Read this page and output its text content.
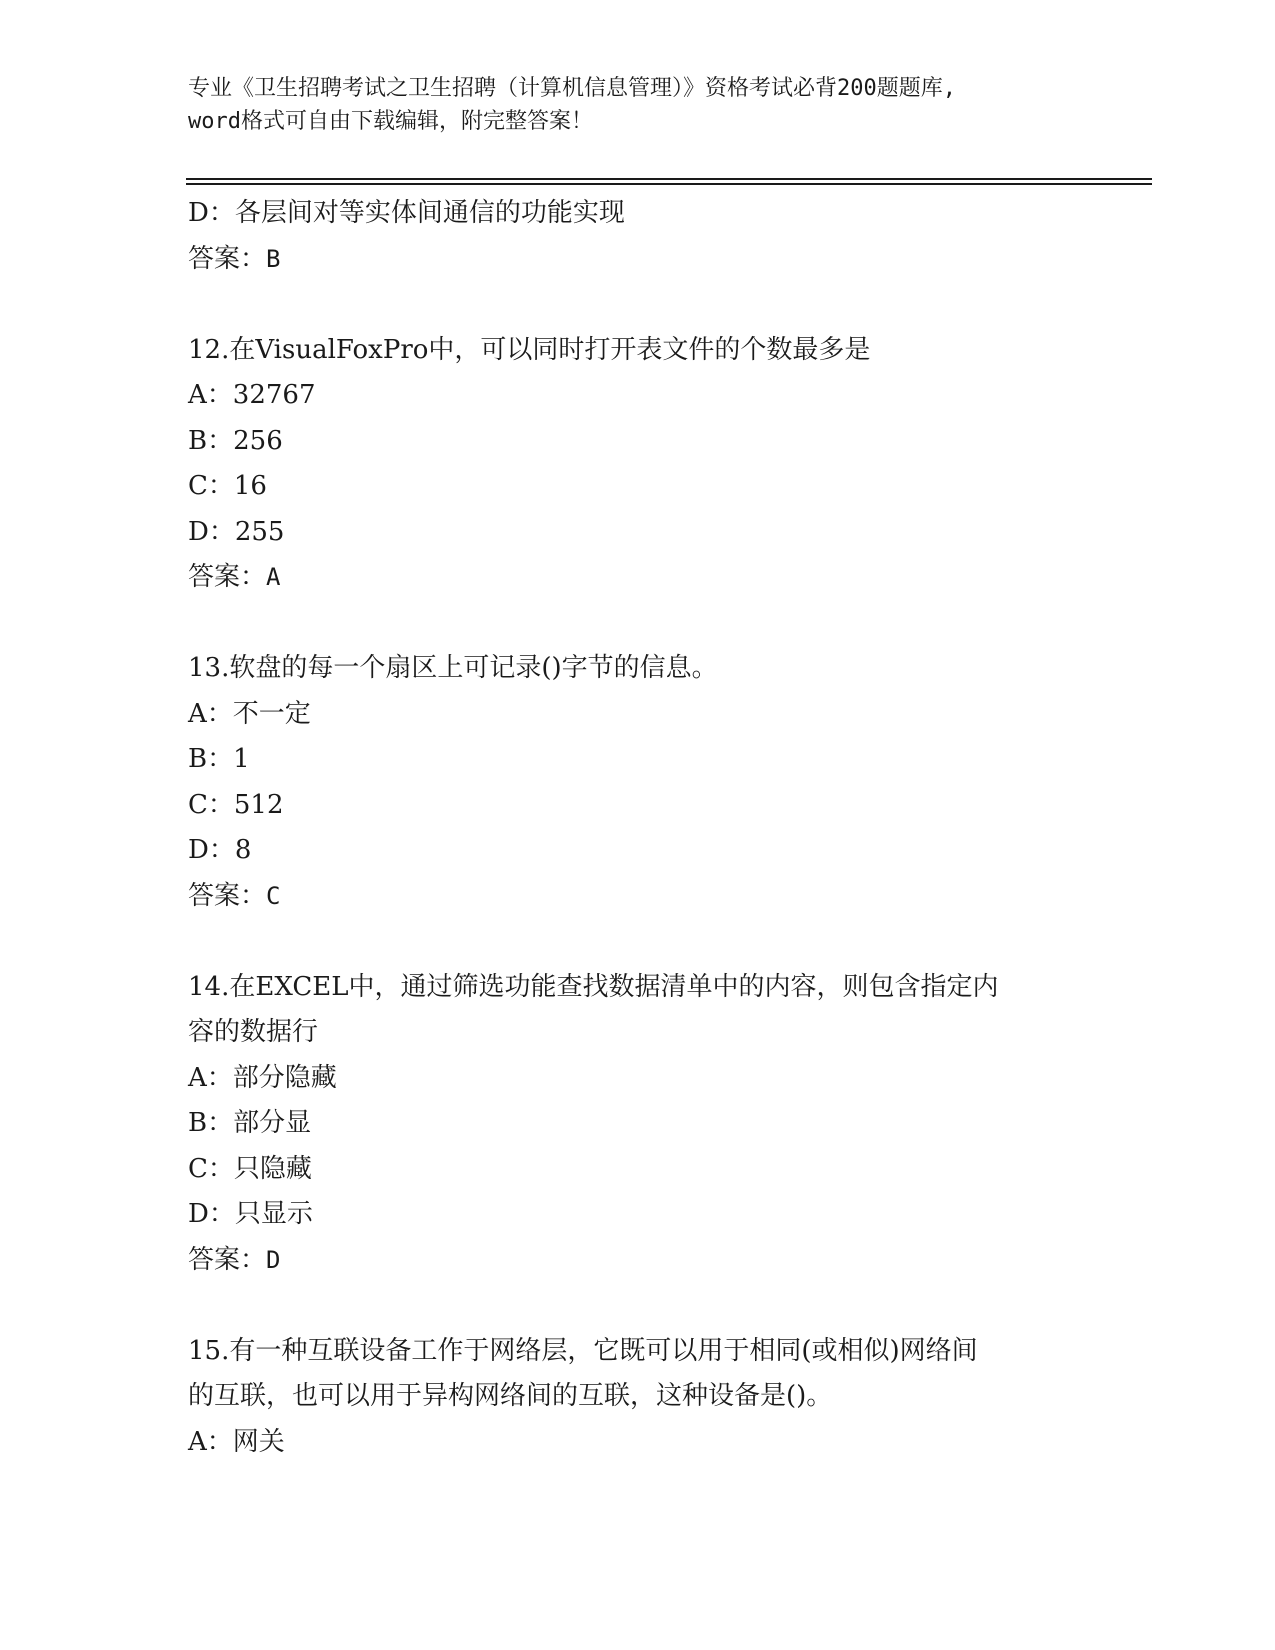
专业《卫生招聘考试之卫生招聘（计算机信息管理）》资格考试必背200题题库,
word格式可自由下载编辑，附完整答案！
D：各层间对等实体间通信的功能实现
答案：B
12.在VisualFoxPro中，可以同时打开表文件的个数最多是
A：32767
B：256
C：16
D：255
答案：A
13.软盘的每一个扇区上可记录()字节的信息。
A：不一定
B：1
C：512
D：8
答案：C
14.在EXCEL中，通过筛选功能查找数据清单中的内容，则包含指定内
容的数据行
A：部分隐藏
B：部分显
C：只隐藏
D：只显示
答案：D
15.有一种互联设备工作于网络层，它既可以用于相同(或相似)网络间
的互联，也可以用于异构网络间的互联，这种设备是()。
A：网关
